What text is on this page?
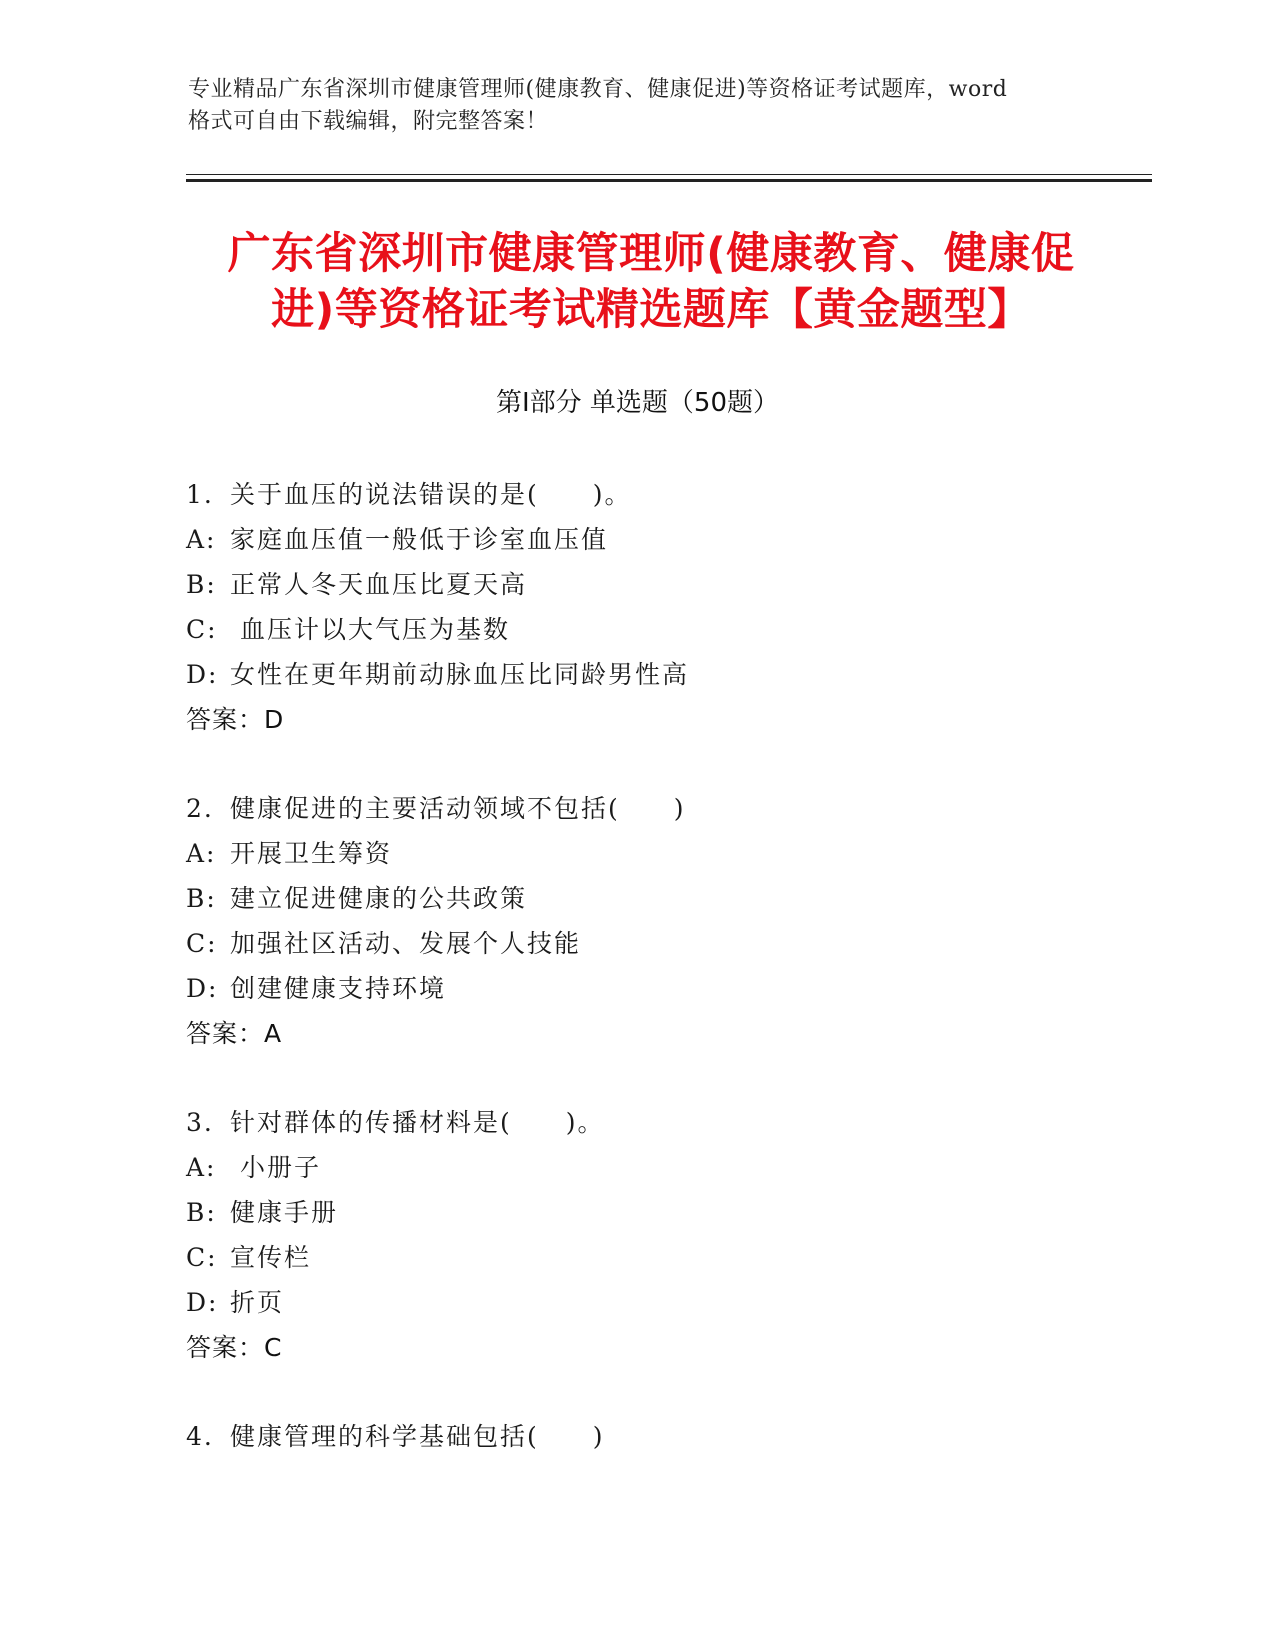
专业精品广东省深圳市健康管理师(健康教育、健康促进)等资格证考试题库，word
格式可自由下载编辑，附完整答案！
广东省深圳市健康管理师(健康教育、健康促
进)等资格证考试精选题库【黄金题型】
第Ⅰ部分 单选题（50题）
1. 关于血压的说法错误的是(　　)。
A: 家庭血压值一般低于诊室血压值
B: 正常人冬天血压比夏天高
C: 血压计以大气压为基数
D: 女性在更年期前动脉血压比同龄男性高
答案：D
2. 健康促进的主要活动领域不包括(　　)
A: 开展卫生筹资
B: 建立促进健康的公共政策
C: 加强社区活动、发展个人技能
D: 创建健康支持环境
答案：A
3. 针对群体的传播材料是(　　)。
A: 小册子
B: 健康手册
C: 宣传栏
D: 折页
答案：C
4. 健康管理的科学基础包括(　　)
